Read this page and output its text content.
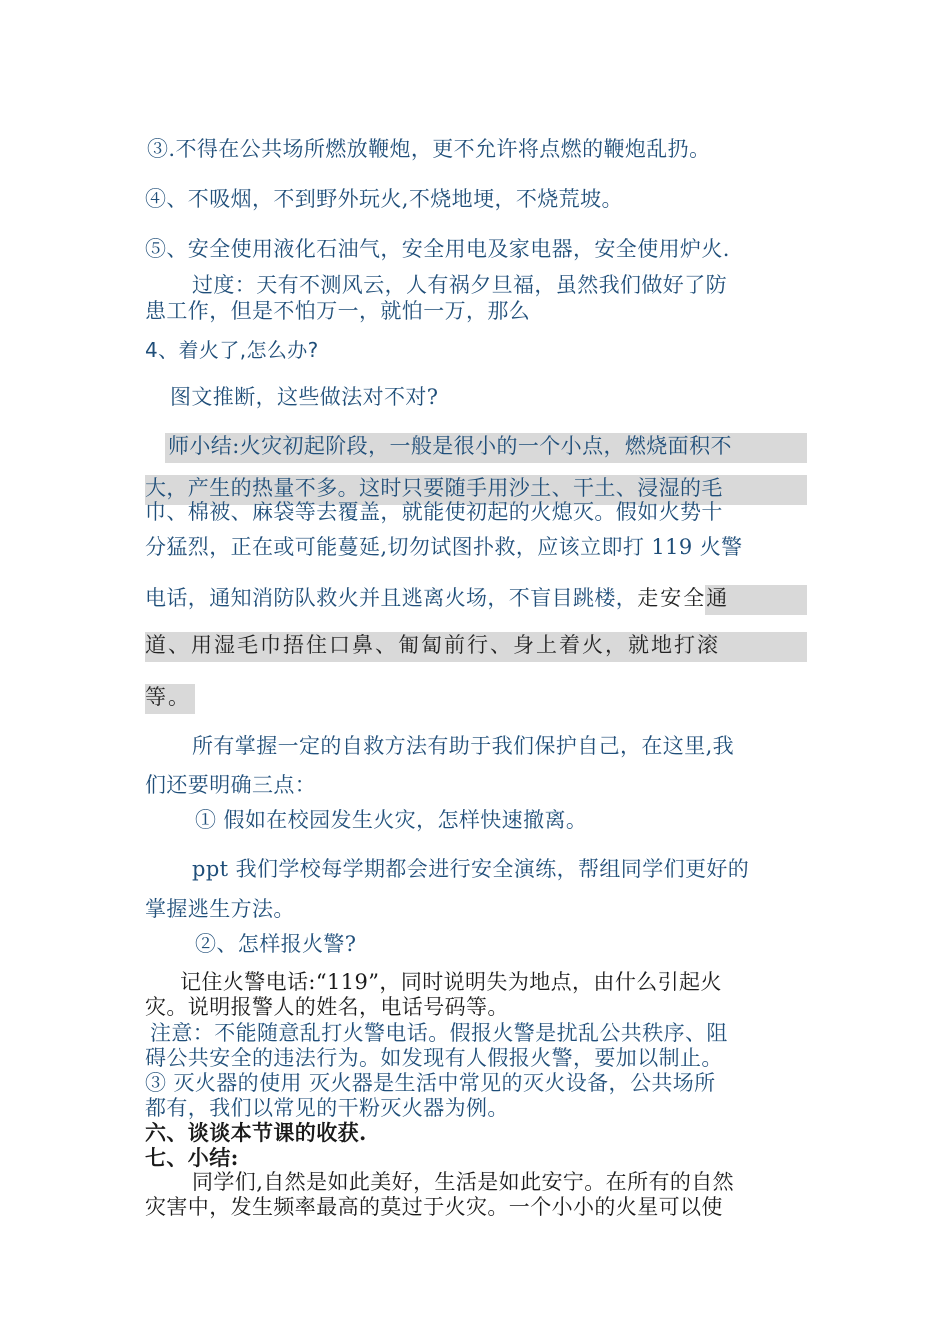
③.不得在公共场所燃放鞭炮，更不允许将点燃的鞭炮乱扔。

④、不吸烟，不到野外玩火,不烧地埂，不烧荒坡。

⑤、安全使用液化石油气，安全用电及家电器，安全使用炉火.

过度：天有不测风云，人有祸夕旦福，虽然我们做好了防

患工作，但是不怕万一，就怕一万，那么

4、着火了,怎么办?

图文推断，这些做法对不对?

师小结:火灾初起阶段，一般是很小的一个小点，燃烧面积不

大，产生的热量不多。这时只要随手用沙土、干土、浸湿的毛

巾、棉被、麻袋等去覆盖，就能使初起的火熄灭。假如火势十

分猛烈，正在或可能蔓延,切勿试图扑救，应该立即打 119 火警

电话，通知消防队救火并且逃离火场，不盲目跳楼，走安全通

道、用湿毛巾捂住口鼻、匍匐前行、身上着火，就地打滚

等。

所有掌握一定的自救方法有助于我们保护自己，在这里,我

们还要明确三点：

① 假如在校园发生火灾，怎样快速撤离。

ppt 我们学校每学期都会进行安全演练，帮组同学们更好的

掌握逃生方法。

②、怎样报火警?

记住火警电话:“119”，同时说明失为地点，由什么引起火

灾。说明报警人的姓名，电话号码等。

注意：不能随意乱打火警电话。假报火警是扰乱公共秩序、阻

碍公共安全的违法行为。如发现有人假报火警，要加以制止。

③ 灭火器的使用 灭火器是生活中常见的灭火设备，公共场所

都有，我们以常见的干粉灭火器为例。

六、谈谈本节课的收获.

七、小结:

同学们,自然是如此美好，生活是如此安宁。在所有的自然

灾害中，发生频率最高的莫过于火灾。一个小小的火星可以使
